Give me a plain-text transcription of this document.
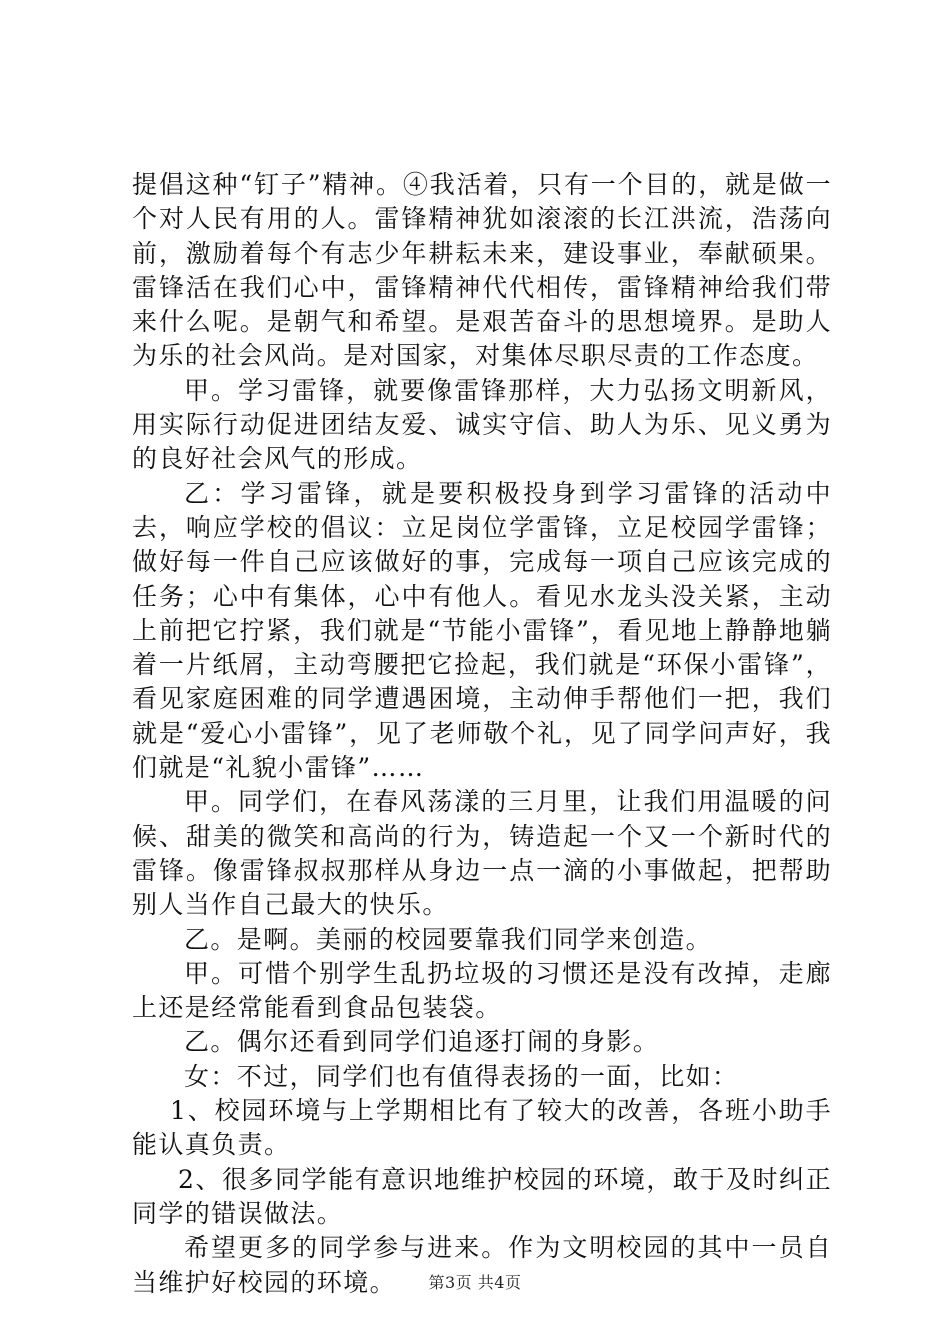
提倡这种“钉子”精神。④我活着，只有一个目的，就是做一个对人民有用的人。雷锋精神犹如滚滚的长江洪流，浩荡向前，激励着每个有志少年耕耘未来，建设事业，奉献硕果。雷锋活在我们心中，雷锋精神代代相传，雷锋精神给我们带来什么呢。是朝气和希望。是艰苦奋斗的思想境界。是助人为乐的社会风尚。是对国家，对集体尽职尽责的工作态度。

甲。学习雷锋，就要像雷锋那样，大力弘扬文明新风，用实际行动促进团结友爱、诚实守信、助人为乐、见义勇为的良好社会风气的形成。

乙：学习雷锋，就是要积极投身到学习雷锋的活动中去，响应学校的倡议：立足岗位学雷锋，立足校园学雷锋；做好每一件自己应该做好的事，完成每一项自己应该完成的任务；心中有集体，心中有他人。看见水龙头没关紧，主动上前把它拧紧，我们就是“节能小雷锋”，看见地上静静地躺着一片纸屑，主动弯腰把它捡起，我们就是“环保小雷锋”，看见家庭困难的同学遭遇困境，主动伸手帮他们一把，我们就是“爱心小雷锋”，见了老师敬个礼，见了同学问声好，我们就是“礼貌小雷锋”……

甲。同学们，在春风荡漾的三月里，让我们用温暖的问候、甜美的微笑和高尚的行为，铸造起一个又一个新时代的雷锋。像雷锋叔叔那样从身边一点一滴的小事做起，把帮助别人当作自己最大的快乐。

乙。是啊。美丽的校园要靠我们同学来创造。

甲。可惜个别学生乱扔垃圾的习惯还是没有改掉，走廊上还是经常能看到食品包装袋。

乙。偶尔还看到同学们追逐打闹的身影。

女：不过，同学们也有值得表扬的一面，比如：

1、校园环境与上学期相比有了较大的改善，各班小助手能认真负责。

2、很多同学能有意识地维护校园的环境，敢于及时纠正同学的错误做法。

希望更多的同学参与进来。作为文明校园的其中一员自当维护好校园的环境。	第3页 共4页
